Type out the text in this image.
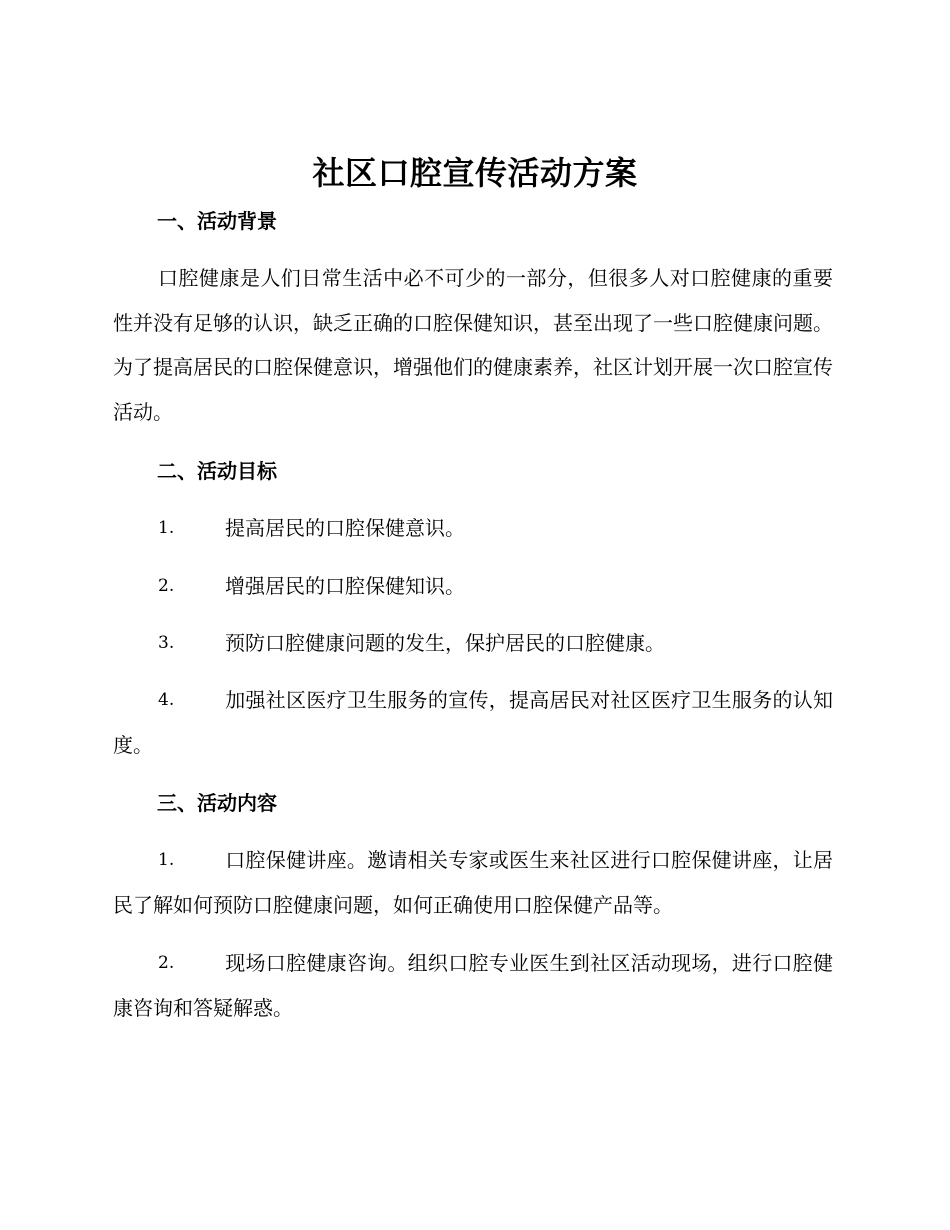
社区口腔宣传活动方案
一、活动背景

口腔健康是人们日常生活中必不可少的一部分，但很多人对口腔健康的重要性并没有足够的认识，缺乏正确的口腔保健知识，甚至出现了一些口腔健康问题。为了提高居民的口腔保健意识，增强他们的健康素养，社区计划开展一次口腔宣传活动。

二、活动目标

1.	提高居民的口腔保健意识。

2.	增强居民的口腔保健知识。

3.	预防口腔健康问题的发生，保护居民的口腔健康。

4.	加强社区医疗卫生服务的宣传，提高居民对社区医疗卫生服务的认知度。

三、活动内容

1.	口腔保健讲座。邀请相关专家或医生来社区进行口腔保健讲座，让居民了解如何预防口腔健康问题，如何正确使用口腔保健产品等。

2.	现场口腔健康咨询。组织口腔专业医生到社区活动现场，进行口腔健康咨询和答疑解惑。
